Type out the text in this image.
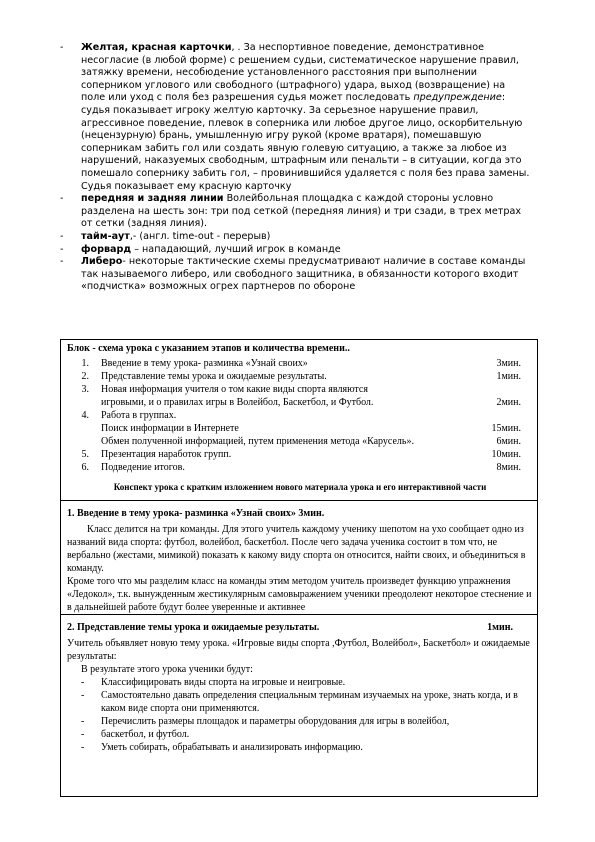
- Желтая, красная карточки, . За неспортивное поведение, демонстративное несогласие (в любой форме) с решением судьи, систематическое нарушение правил, затяжку времени, несобюдение установленного расстояния при выполнении соперником углового или свободного (штрафного) удара, выход (возвращение) на поле или уход с поля без разрешения судья может последовать предупреждение: судья показывает игроку желтую карточку. За серьезное нарушение правил, агрессивное поведение, плевок в соперника или любое другое лицо, оскорбительную (нецензурную) брань, умышленную игру рукой (кроме вратаря), помешавшую соперникам забить гол или создать явную голевую ситуацию, а также за любое из нарушений, наказуемых свободным, штрафным или пенальти – в ситуации, когда это помешало сопернику забить гол, – провинившийся удаляется с поля без права замены. Судья показывает ему красную карточку
- передняя и задняя линии Волейбольная площадка с каждой стороны условно разделена на шесть зон: три под сеткой (передняя линия) и три сзади, в трех метрах от сетки (задняя линия).
- тайм-аут,- (англ. time-out - перерыв)
- форвард – нападающий, лучший игрок в команде
- Либеро- некоторые тактические схемы предусматривают наличие в составе команды так называемого либеро, или свободного защитника, в обязанности которого входит «подчистка» возможных огрех партнеров по обороне
Блок - схема урока с указанием этапов и количества времени..
1.	Введение в тему урока- разминка «Узнай своих»	3мин.
2.	Представление темы урока и ожидаемые результаты.	1мин.
3.	Новая информация учителя о том какие виды спорта являются
игровыми, и о правилах игры в Волейбол, Баскетбол, и Футбол.	2мин.
4.	Работа в группах.
Поиск информации в Интернете	15мин.
Обмен полученной информацией, путем применения метода «Карусель».	6мин.
5.	Презентация наработок групп.	10мин.
6.	Подведение итогов.	8мин.
Конспект урока с кратким изложением нового материала урока и его интерактивной части
1. Введение в тему урока- разминка «Узнай своих» 3мин.

Класс делится на три команды. Для этого учитель каждому ученику шепотом на ухо сообщает одно из названий вида спорта: футбол, волейбол, баскетбол. После чего задача ученика состоит в том что, не вербально (жестами, мимикой) показать к какому виду спорта он относится, найти своих, и объединиться в команду.

Кроме того что мы разделим класс на команды этим методом учитель произведет функцию упражнения «Ледокол», т.к. вынужденным жестикулярным самовыражением ученики преодолеют некоторое стеснение и в дальнейшей работе будут более уверенные и активнее

2. Представление темы урока и ожидаемые результаты.	1мин.

Учитель объявляет новую тему урока. «Игровые виды спорта ,Футбол, Волейбол», Баскетбол» и ожидаемые результаты:

В результате этого урока ученики будут:

- Классифицировать виды спорта на игровые и неигровые.
- Самостоятельно давать определения специальным терминам изучаемых на уроке, знать когда, и в каком виде спорта они применяются.
- Перечислить размеры площадок и параметры оборудования для игры в волейбол,
- баскетбол, и футбол.
- Уметь собирать, обрабатывать и анализировать информацию.
